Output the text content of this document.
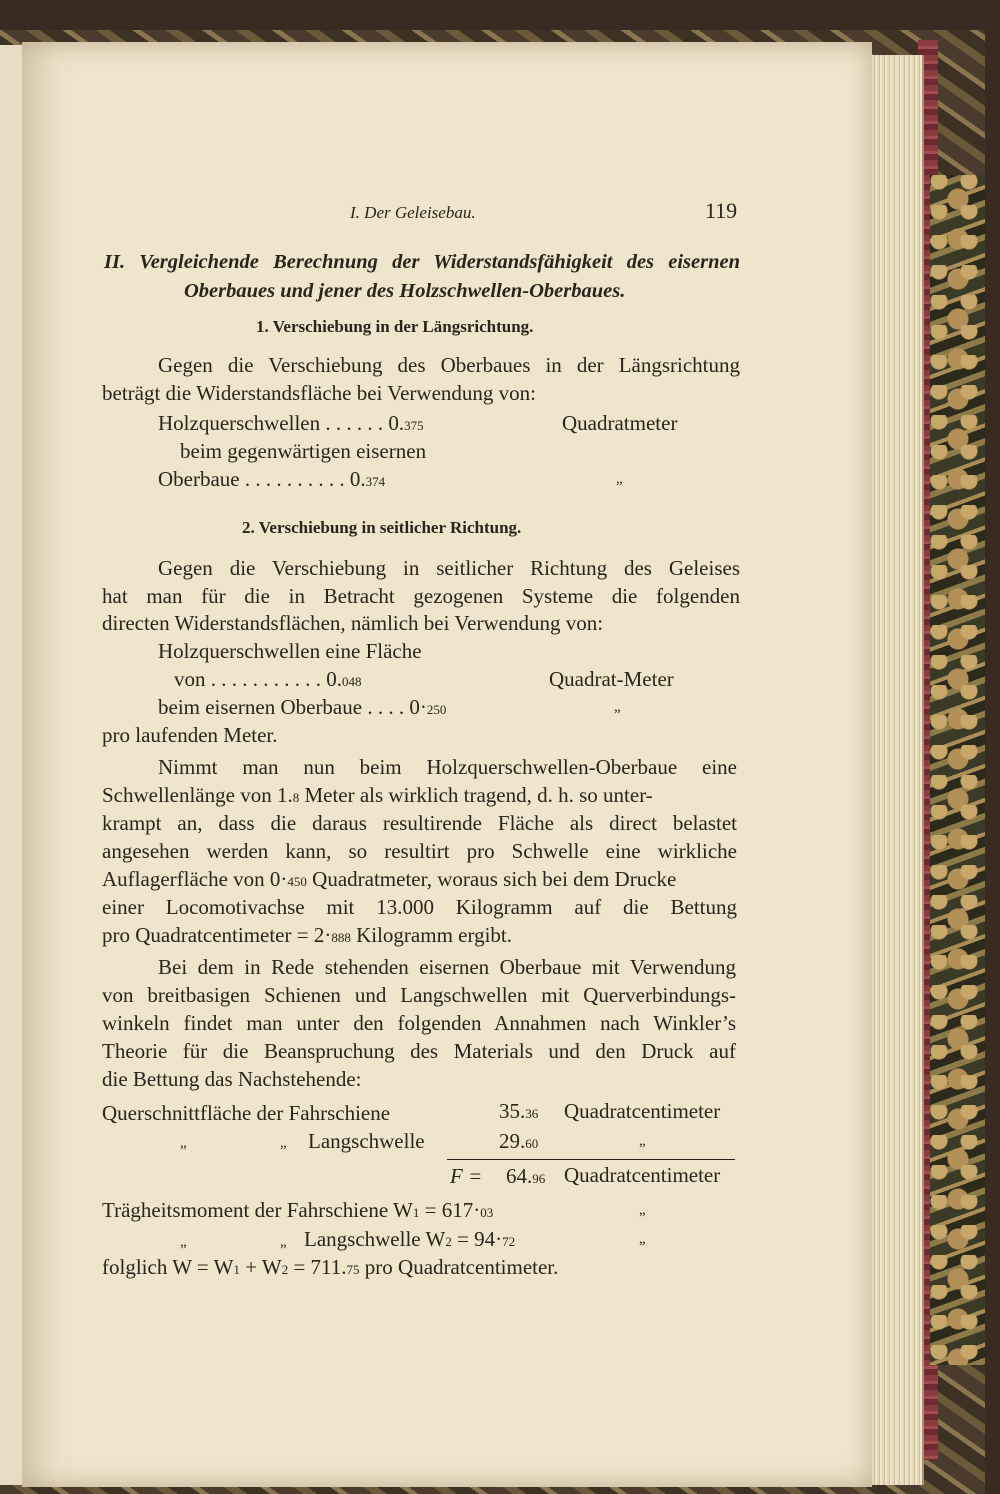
I. Der Geleisebau.	119
II. Vergleichende Berechnung der Widerstandsfähigkeit des eisernen
Oberbaues und jener des Holzschwellen-Oberbaues.
1. Verschiebung in der Längsrichtung.
Gegen die Verschiebung des Oberbaues in der Längsrichtung
beträgt die Widerstandsfläche bei Verwendung von:
Holzquerschwellen . . . . . . 0.375	Quadratmeter
beim gegenwärtigen eisernen
Oberbaue . . . . . . . . . . 0.374	„
2. Verschiebung in seitlicher Richtung.
Gegen die Verschiebung in seitlicher Richtung des Geleises
hat man für die in Betracht gezogenen Systeme die folgenden
directen Widerstandsflächen, nämlich bei Verwendung von:
Holzquerschwellen eine Fläche
von . . . . . . . . . . . 0.048	Quadrat-Meter
beim eisernen Oberbaue . . . . 0·250	„
pro laufenden Meter.
Nimmt man nun beim Holzquerschwellen-Oberbaue eine
Schwellenlänge von 1.8 Meter als wirklich tragend, d. h. so unter-
krampt an, dass die daraus resultirende Fläche als direct belastet
angesehen werden kann, so resultirt pro Schwelle eine wirkliche
Auflagerfläche von 0·450 Quadratmeter, woraus sich bei dem Drucke
einer Locomotivachse mit 13.000 Kilogramm auf die Bettung
pro Quadratcentimeter = 2·888 Kilogramm ergibt.
Bei dem in Rede stehenden eisernen Oberbaue mit Verwendung
von breitbasigen Schienen und Langschwellen mit Querverbindungs-
winkeln findet man unter den folgenden Annahmen nach Winkler’s
Theorie für die Beanspruchung des Materials und den Druck auf
die Bettung das Nachstehende:
Querschnittfläche der Fahrschiene	35.36 Quadratcentimeter
„	„ Langschwelle	29.60	„
F = 64.96 Quadratcentimeter
Trägheitsmoment der Fahrschiene W1 = 617·03	„
„	„ Langschwelle W2 = 94·72	„
folglich W = W1 + W2 = 711.75 pro Quadratcentimeter.
